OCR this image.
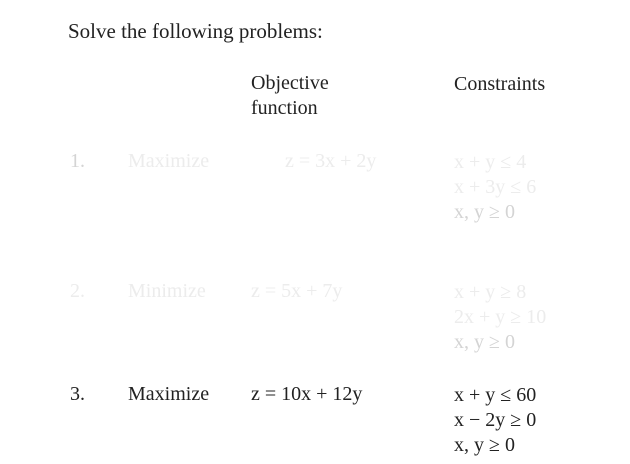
Solve the following problems:
Objective
function
Constraints
1. Maximize	z = 3x + 2y	x + y ≤ 4
x + 3y ≤ 6
x, y ≥ 0
2. Minimize z = 5x + 7y	x + y ≥ 8
2x + y ≥ 10
x, y ≥ 0
3. Maximize z = 10x + 12y	x + y ≤ 60
x − 2y ≥ 0
x, y ≥ 0
